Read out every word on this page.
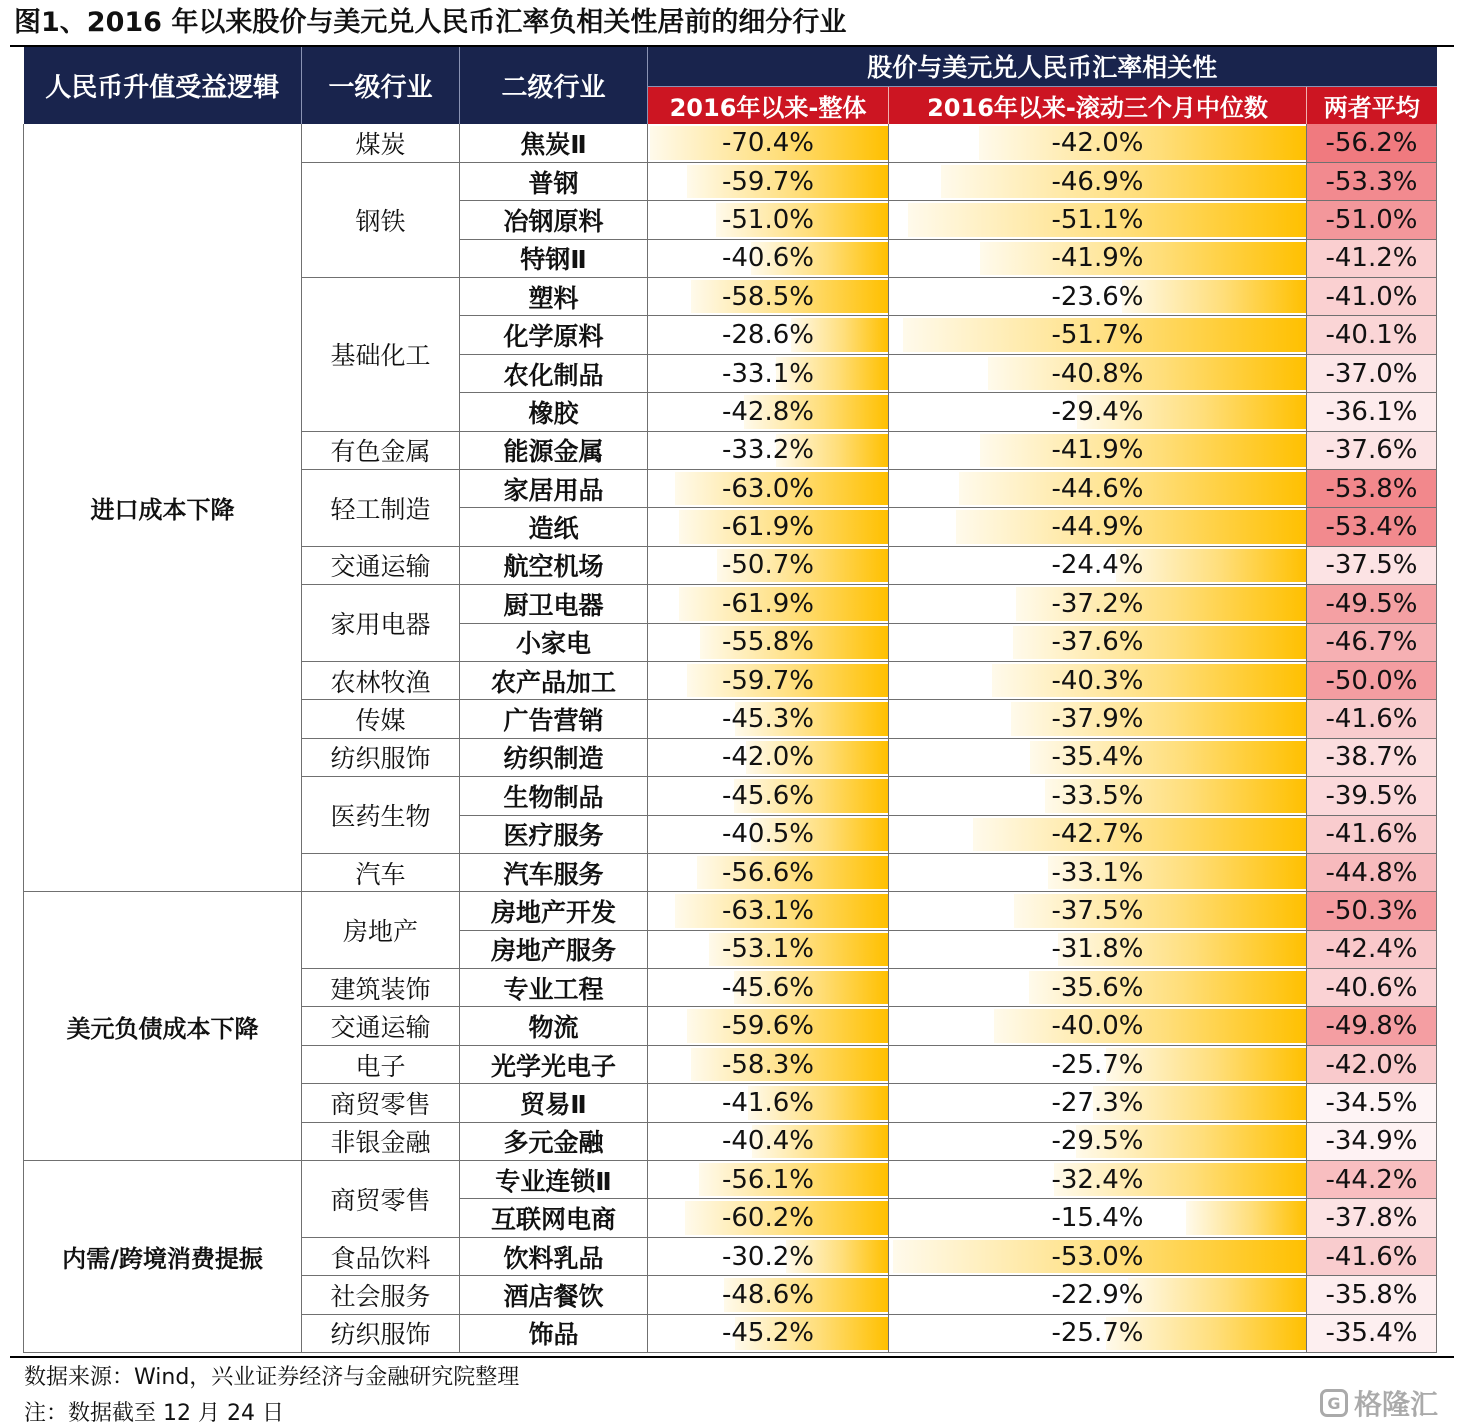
图1、2016 年以来股价与美元兑人民币汇率负相关性居前的细分行业
人民币升值受益逻辑	一级行业	二级行业	股价与美元兑人民币汇率相关性		
			2016年以来-整体	2016年以来-滚动三个月中位数	两者平均
进口成本下降	煤炭	焦炭Ⅱ	-70.4%	-42.0%	-56.2%
	钢铁	普钢	-59.7%	-46.9%	-53.3%
		冶钢原料	-51.0%	-51.1%	-51.0%
		特钢Ⅱ	-40.6%	-41.9%	-41.2%
	基础化工	塑料	-58.5%	-23.6%	-41.0%
		化学原料	-28.6%	-51.7%	-40.1%
		农化制品	-33.1%	-40.8%	-37.0%
		橡胶	-42.8%	-29.4%	-36.1%
	有色金属	能源金属	-33.2%	-41.9%	-37.6%
	轻工制造	家居用品	-63.0%	-44.6%	-53.8%
		造纸	-61.9%	-44.9%	-53.4%
	交通运输	航空机场	-50.7%	-24.4%	-37.5%
	家用电器	厨卫电器	-61.9%	-37.2%	-49.5%
		小家电	-55.8%	-37.6%	-46.7%
	农林牧渔	农产品加工	-59.7%	-40.3%	-50.0%
	传媒	广告营销	-45.3%	-37.9%	-41.6%
	纺织服饰	纺织制造	-42.0%	-35.4%	-38.7%
	医药生物	生物制品	-45.6%	-33.5%	-39.5%
		医疗服务	-40.5%	-42.7%	-41.6%
	汽车	汽车服务	-56.6%	-33.1%	-44.8%
美元负债成本下降	房地产	房地产开发	-63.1%	-37.5%	-50.3%
		房地产服务	-53.1%	-31.8%	-42.4%
	建筑装饰	专业工程	-45.6%	-35.6%	-40.6%
	交通运输	物流	-59.6%	-40.0%	-49.8%
	电子	光学光电子	-58.3%	-25.7%	-42.0%
	商贸零售	贸易Ⅱ	-41.6%	-27.3%	-34.5%
	非银金融	多元金融	-40.4%	-29.5%	-34.9%
内需/跨境消费提振	商贸零售	专业连锁Ⅱ	-56.1%	-32.4%	-44.2%
		互联网电商	-60.2%	-15.4%	-37.8%
	食品饮料	饮料乳品	-30.2%	-53.0%	-41.6%
	社会服务	酒店餐饮	-48.6%	-22.9%	-35.8%
	纺织服饰	饰品	-45.2%	-25.7%	-35.4%
数据来源：Wind，兴业证券经济与金融研究院整理
注：数据截至 12 月 24 日	G 格隆汇
